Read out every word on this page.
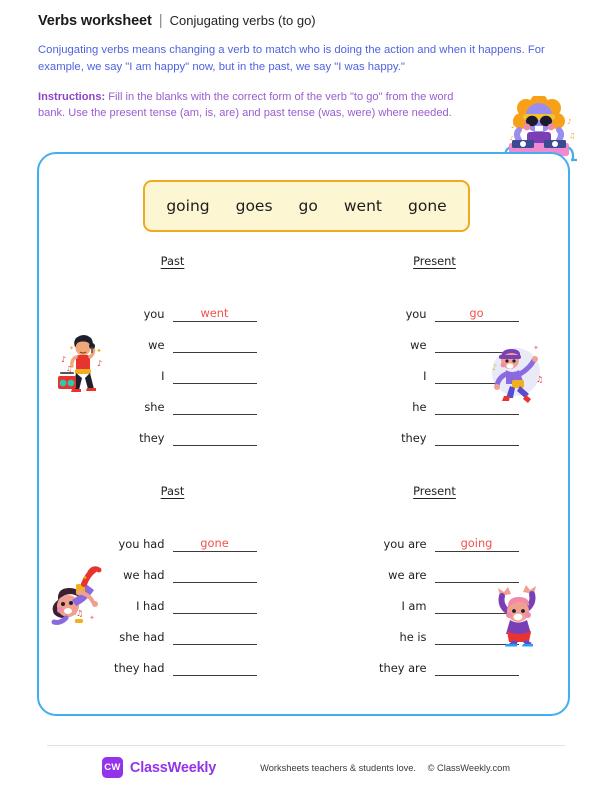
Verbs worksheet | Conjugating verbs (to go)
Conjugating verbs means changing a verb to match who is doing the action and when it happens. For example, we say "I am happy" now, but in the past, we say "I was happy."
Instructions: Fill in the blanks with the correct form of the verb "to go" from the word bank. Use the present tense (am, is, are) and past tense (was, were) where needed.
♪	♪
♫
♪
going goes go went gone
Past
you	went
we
I
she
they
Present
you	go
we
I
he
they
Past
you had	gone
we had
I had
she had
they had
Present
you are	going
we are
I am
he is
they are
♪
♫
♪
✦
✦
♪
♫
✦
♫ ✦
✦
CW ClassWeekly	Worksheets teachers & students love. © ClassWeekly.com
